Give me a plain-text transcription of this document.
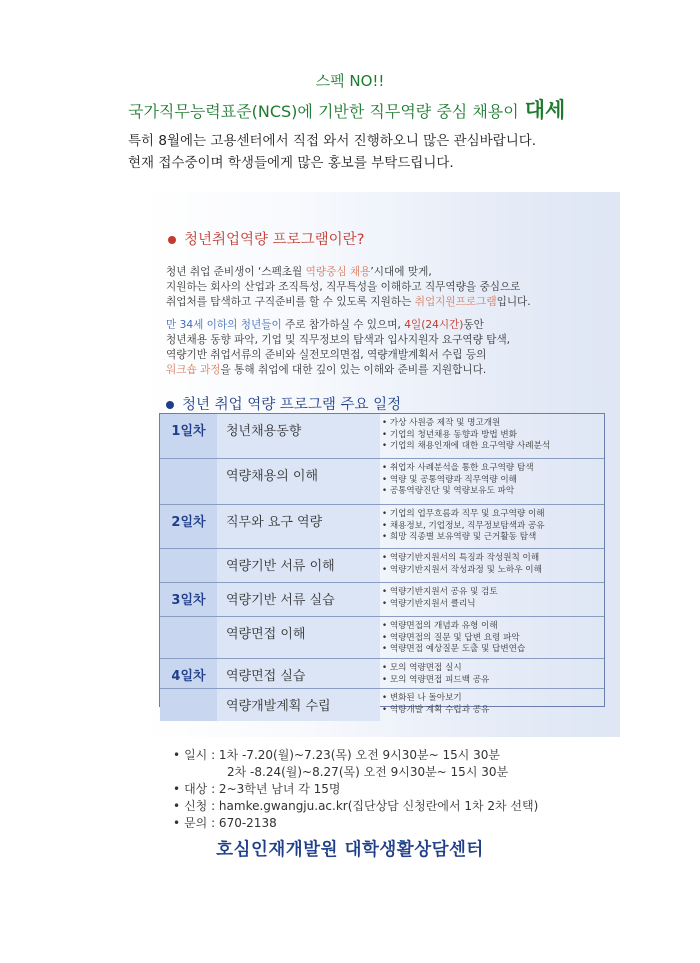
스펙 NO!!
국가직무능력표준(NCS)에 기반한 직무역량 중심 채용이 대세
특히 8월에는 고용센터에서 직접 와서 진행하오니 많은 관심바랍니다.
현재 접수중이며 학생들에게 많은 홍보를 부탁드립니다.
청년취업역량 프로그램이란?
청년 취업 준비생이 ‘스펙초월 역량중심 채용’시대에 맞게,
지원하는 회사의 산업과 조직특성, 직무특성을 이해하고 직무역량을 중심으로
취업처를 탐색하고 구직준비를 할 수 있도록 지원하는 취업지원프로그램입니다.
만 34세 이하의 청년들이 주로 참가하실 수 있으며, 4일(24시간)동안
청년채용 동향 파악, 기업 및 직무정보의 탐색과 입사지원자 요구역량 탐색,
역량기반 취업서류의 준비와 실전모의면접, 역량개발계획서 수립 등의
워크숍 과정을 통해 취업에 대한 깊이 있는 이해와 준비를 지원합니다.
청년 취업 역량 프로그램 주요 일정
1일차	청년채용동향
• 가상 사원증 제작 및 명고개원
• 기업의 청년채용 동향과 방법 변화
• 기업의 채용인재에 대한 요구역량 사례분석
역량채용의 이해
• 취업자 사례분석을 통한 요구역량 탐색
• 역량 및 공통역량과 직무역량 이해
• 공통역량진단 및 역량보유도 파악
2일차	직무와 요구 역량
• 기업의 업무흐름과 직무 및 요구역량 이해
• 채용정보, 기업정보, 직무정보탐색과 공유
• 희망 직종별 보유역량 및 근거활동 탐색
역량기반 서류 이해
• 역량기반지원서의 특징과 작성원칙 이해
• 역량기반지원서 작성과정 및 노하우 이해
3일차	역량기반 서류 실습
• 역량기반지원서 공유 및 검토
• 역량기반지원서 클리닉
역량면접 이해
• 역량면접의 개념과 유형 이해
• 역량면접의 질문 및 답변 요령 파악
• 역량면접 예상질문 도출 및 답변연습
4일차	역량면접 실습
• 모의 역량면접 실시
• 모의 역량면접 피드백 공유
역량개발계획 수립
• 변화된 나 돌아보기
• 역량개발 계획 수립과 공유
• 일시 : 1차 -7.20(월)~7.23(목) 오전 9시30분~ 15시 30분
2차 -8.24(월)~8.27(목) 오전 9시30분~ 15시 30분
• 대상 : 2~3학년 남녀 각 15명
• 신청 : hamke.gwangju.ac.kr(집단상담 신청란에서 1차 2차 선택)
• 문의 : 670-2138
호심인재개발원 대학생활상담센터
